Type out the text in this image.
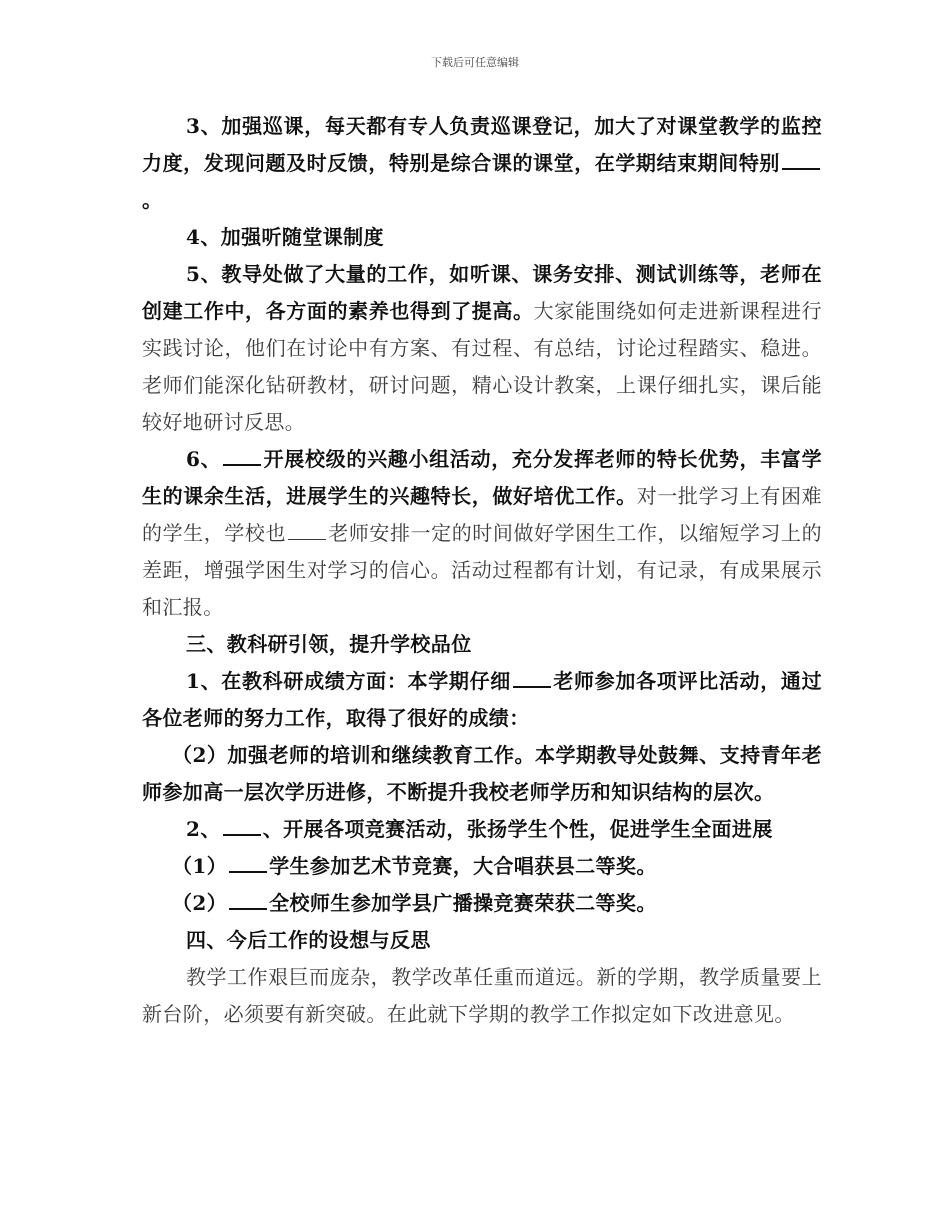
下载后可任意编辑

3、加强巡课，每天都有专人负责巡课登记，加大了对课堂教学的监控力度，发现问题及时反馈，特别是综合课的课堂，在学期结束期间特别。

4、加强听随堂课制度

5、教导处做了大量的工作，如听课、课务安排、测试训练等，老师在创建工作中，各方面的素养也得到了提高。大家能围绕如何走进新课程进行实践讨论，他们在讨论中有方案、有过程、有总结，讨论过程踏实、稳进。老师们能深化钻研教材，研讨问题，精心设计教案，上课仔细扎实，课后能较好地研讨反思。

6、 开展校级的兴趣小组活动，充分发挥老师的特长优势，丰富学生的课余生活，进展学生的兴趣特长，做好培优工作。对一批学习上有困难的学生，学校也 老师安排一定的时间做好学困生工作，以缩短学习上的差距，增强学困生对学习的信心。活动过程都有计划，有记录，有成果展示和汇报。

三、教科研引领，提升学校品位

1、在教科研成绩方面：本学期仔细 老师参加各项评比活动，通过各位老师的努力工作，取得了很好的成绩：

（2）加强老师的培训和继续教育工作。本学期教导处鼓舞、支持青年老师参加高一层次学历进修，不断提升我校老师学历和知识结构的层次。

2、 、开展各项竞赛活动，张扬学生个性，促进学生全面进展

（1） 学生参加艺术节竞赛，大合唱获县二等奖。

（2） 全校师生参加学县广播操竞赛荣获二等奖。

四、今后工作的设想与反思

教学工作艰巨而庞杂，教学改革任重而道远。新的学期，教学质量要上新台阶，必须要有新突破。在此就下学期的教学工作拟定如下改进意见。
